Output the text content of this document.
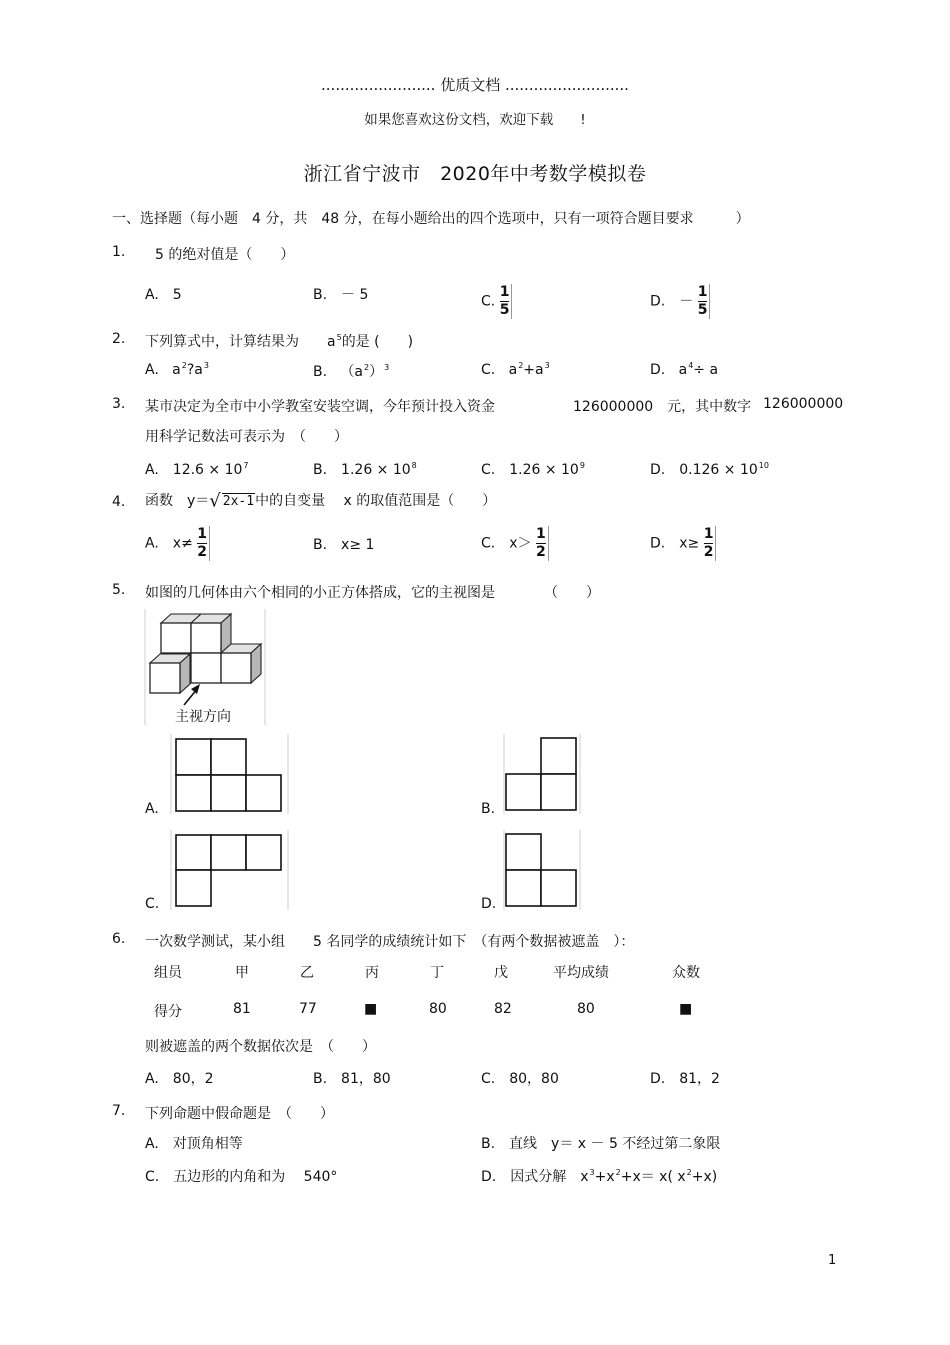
........................ 优质文档 ..........................
如果您喜欢这份文档，欢迎下载　　!
浙江省宁波市　2020年中考数学模拟卷
一、选择题（每小题　4 分，共　48 分，在每小题给出的四个选项中，只有一项符合题目要求　　　）
1. 5 的绝对值是（　　）
A.　5	B.　－ 5	C. $\frac{1}{5}$	D.　－ $\frac{1}{5}$
2. 下列算式中，计算结果为　　$a^5$的是 (　　)
A. $a^2?a^3$	B. $(a^2)^3$	C. $a^2+a^3$	D. $a^4\div a$
3. 某市决定为全市中小学教室安装空调，今年预计投入资金	126000000　元，其中数字 126000000
用科学记数法可表示为　（　　）
A.　$12.6 \times 10^7$	B.　$1.26 \times 10^8$	C.　$1.26 \times 10^9$	D.　$0.126 \times 10^{10}$
4. 函数　y＝√ 2x-1中的自变量　 x 的取值范围是（　　）
A.　$x\ne \frac{1}{2}$	B.　x≥ 1	C.　$x> \frac{1}{2}$	D.　$x\ge \frac{1}{2}$
5. 如图的几何体由六个相同的小正方体搭成，它的主视图是　　　　（　　）
主视方向
A.	B.
C.	D.
6. 一次数学测试，某小组　　5 名同学的成绩统计如下　（有两个数据被遮盖　）：
组员	甲	乙	丙	丁	戊	平均成绩	众数
得分	81	77	■	80	82	80	■
则被遮盖的两个数据依次是　（　　）
A.　80，2	B.　81，80	C.　80，80	D.　81，2
7. 下列命题中假命题是　（　　）
A.　对顶角相等	B.　直线　y＝ x － 5 不经过第二象限
C.　五边形的内角和为　 540°	D.　因式分解　$x^3+x^2+x= x$( $x^2+x$)
1
